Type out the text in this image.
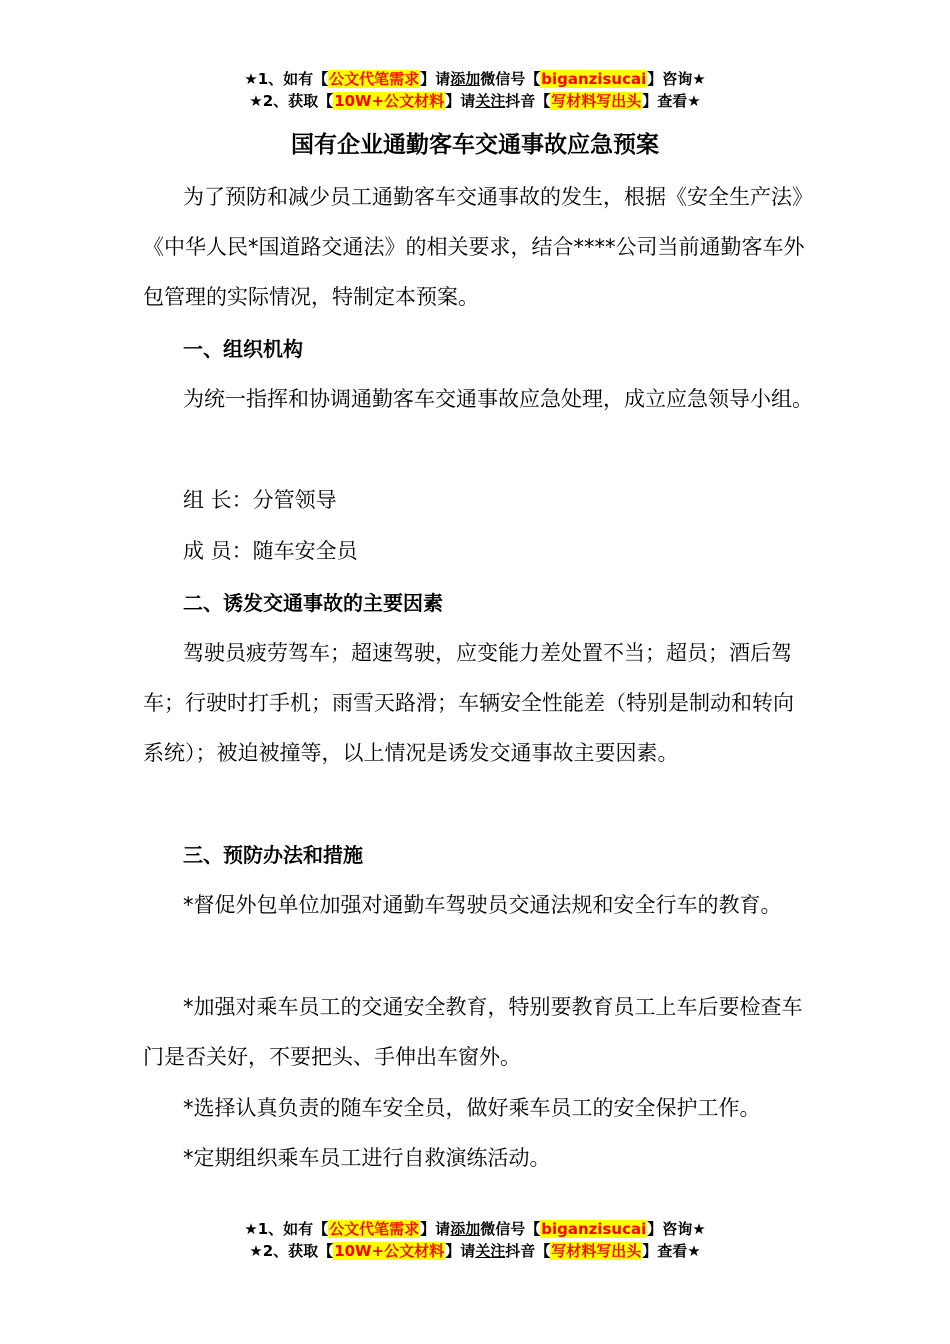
★1、如有【公文代笔需求】请添加微信号【biganzisucai】咨询★
★2、获取【10W+公文材料】请关注抖音【写材料写出头】查看★
国有企业通勤客车交通事故应急预案

为了预防和减少员工通勤客车交通事故的发生，根据《安全生产法》《中华人民*国道路交通法》的相关要求，结合****公司当前通勤客车外包管理的实际情况，特制定本预案。

一、组织机构

为统一指挥和协调通勤客车交通事故应急处理，成立应急领导小组。

组 长：分管领导
成 员：随车安全员
二、诱发交通事故的主要因素

驾驶员疲劳驾车；超速驾驶，应变能力差处置不当；超员；酒后驾车；行驶时打手机；雨雪天路滑；车辆安全性能差（特别是制动和转向系统）；被迫被撞等，以上情况是诱发交通事故主要因素。

三、预防办法和措施

*督促外包单位加强对通勤车驾驶员交通法规和安全行车的教育。

*加强对乘车员工的交通安全教育，特别要教育员工上车后要检查车门是否关好，不要把头、手伸出车窗外。

*选择认真负责的随车安全员，做好乘车员工的安全保护工作。

*定期组织乘车员工进行自救演练活动。

★1、如有【公文代笔需求】请添加微信号【biganzisucai】咨询★
★2、获取【10W+公文材料】请关注抖音【写材料写出头】查看★
